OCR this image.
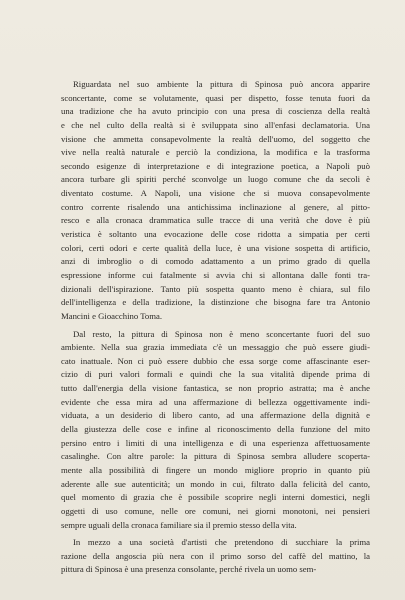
Riguardata nel suo ambiente la pittura di Spinosa può ancora apparire
sconcertante, come se volutamente, quasi per dispetto, fosse tenuta fuori da
una tradizione che ha avuto principio con una presa di coscienza della realtà
e che nel culto della realtà si è sviluppata sino all'enfasi declamatoria. Una
visione che ammetta consapevolmente la realtà dell'uomo, del soggetto che
vive nella realtà naturale e perciò la condiziona, la modifica e la trasforma
secondo esigenze di interpretazione e di integrazione poetica, a Napoli può
ancora turbare gli spiriti perché sconvolge un luogo comune che da secoli è
diventato costume. A Napoli, una visione che si muova consapevolmente
contro corrente risalendo una antichissima inclinazione al genere, al pitto-
resco e alla cronaca drammatica sulle tracce di una verità che dove è più
veristica è soltanto una evocazione delle cose ridotta a simpatia per certi
colori, certi odori e certe qualità della luce, è una visione sospetta di artificio,
anzi di imbroglio o di comodo adattamento a un primo grado di quella
espressione informe cui fatalmente si avvia chi si allontana dalle fonti tra-
dizionali dell'ispirazione. Tanto più sospetta quanto meno è chiara, sul filo
dell'intelligenza e della tradizione, la distinzione che bisogna fare tra Antonio
Mancini e Gioacchino Toma.
Dal resto, la pittura di Spinosa non è meno sconcertante fuori del suo
ambiente. Nella sua grazia immediata c'è un messaggio che può essere giudi-
cato inattuale. Non ci può essere dubbio che essa sorge come affascinante eser-
cizio di puri valori formali e quindi che la sua vitalità dipende prima di
tutto dall'energia della visione fantastica, se non proprio astratta; ma è anche
evidente che essa mira ad una affermazione di bellezza oggettivamente indi-
viduata, a un desiderio di libero canto, ad una affermazione della dignità e
della giustezza delle cose e infine al riconoscimento della funzione del mito
persino entro i limiti di una intelligenza e di una esperienza affettuosamente
casalinghe. Con altre parole: la pittura di Spinosa sembra alludere scoperta-
mente alla possibilità di fingere un mondo migliore proprio in quanto più
aderente alle sue autenticità; un mondo in cui, filtrato dalla felicità del canto,
quel momento di grazia che è possibile scoprire negli interni domestici, negli
oggetti di uso comune, nelle ore comuni, nei giorni monotoni, nei pensieri
sempre uguali della cronaca familiare sia il premio stesso della vita.
In mezzo a una società d'artisti che pretendono di succhiare la prima
razione della angoscia più nera con il primo sorso del caffè del mattino, la
pittura di Spinosa è una presenza consolante, perché rivela un uomo sem-
